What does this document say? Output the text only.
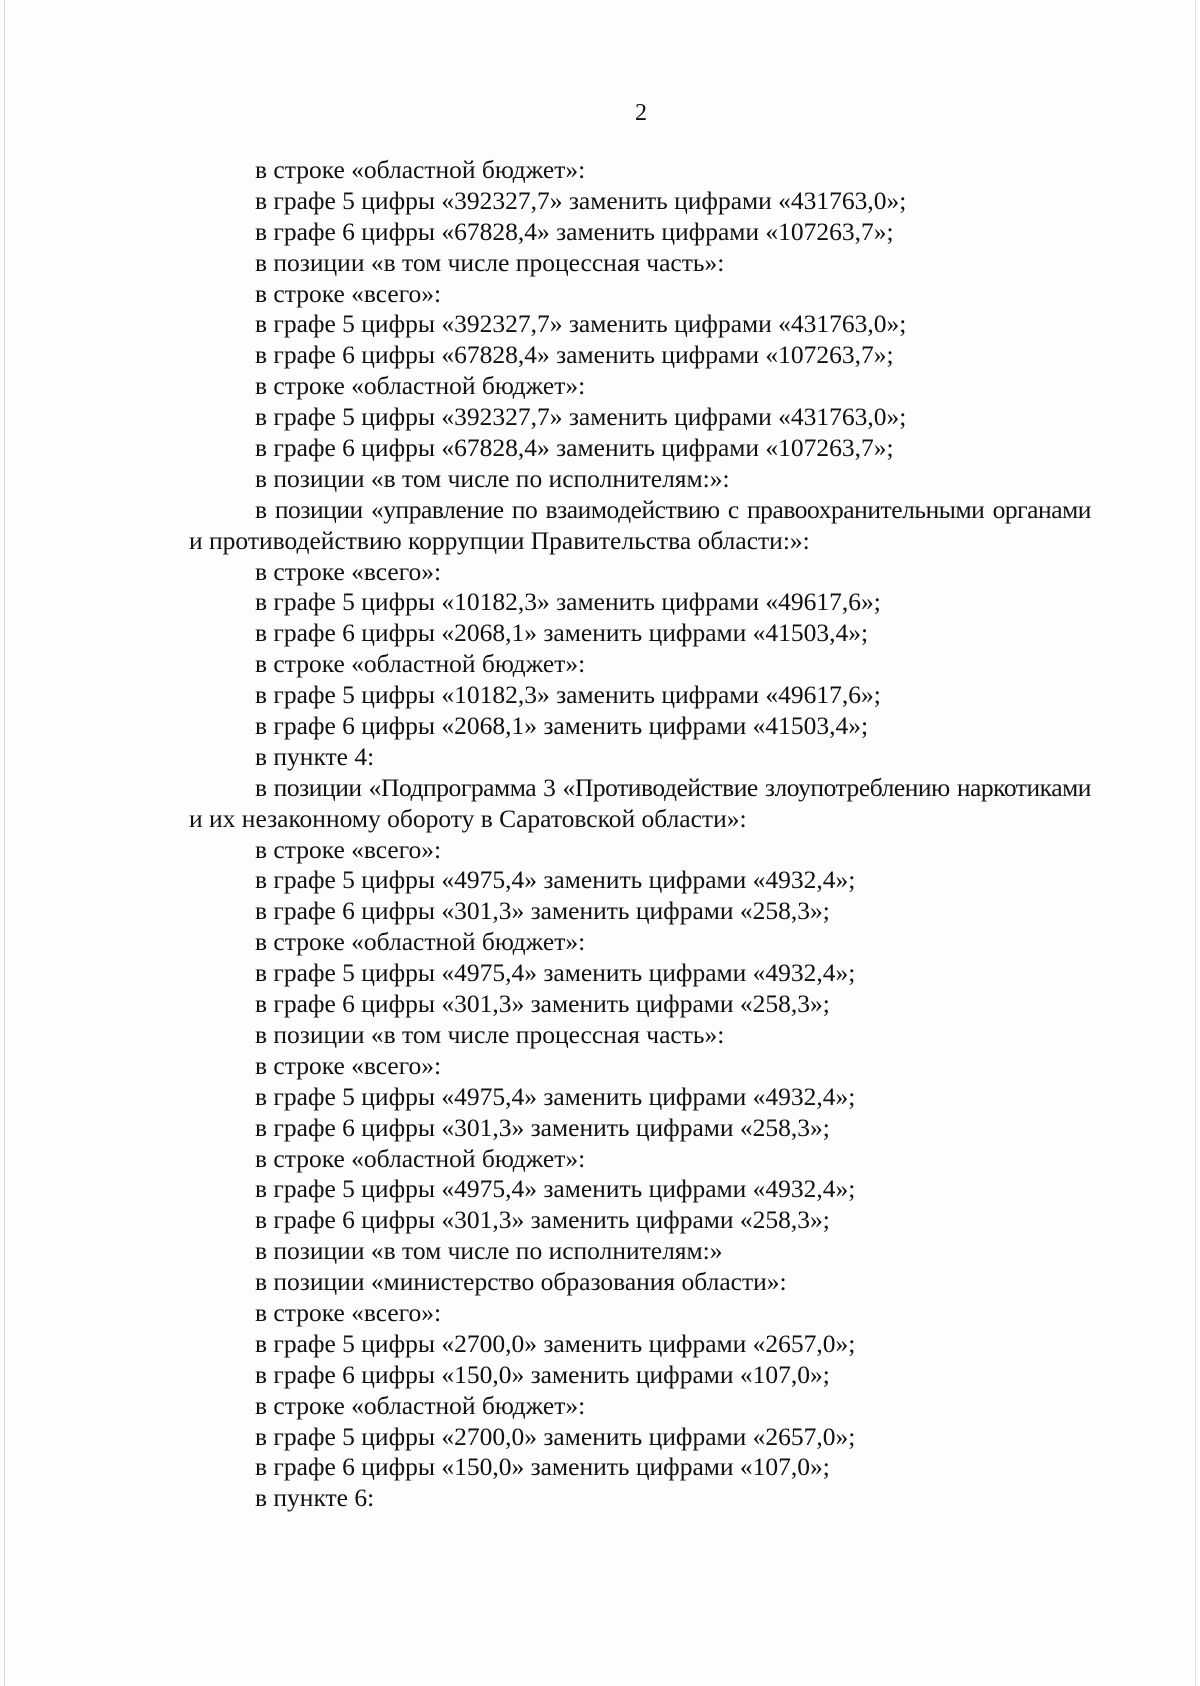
2
в строке «областной бюджет»:
в графе 5 цифры «392327,7» заменить цифрами «431763,0»;
в графе 6 цифры «67828,4» заменить цифрами «107263,7»;
в позиции «в том числе процессная часть»:
в строке «всего»:
в графе 5 цифры «392327,7» заменить цифрами «431763,0»;
в графе 6 цифры «67828,4» заменить цифрами «107263,7»;
в строке «областной бюджет»:
в графе 5 цифры «392327,7» заменить цифрами «431763,0»;
в графе 6 цифры «67828,4» заменить цифрами «107263,7»;
в позиции «в том числе по исполнителям:»:
в позиции «управление по взаимодействию с правоохранительными органами
и противодействию коррупции Правительства области:»:
в строке «всего»:
в графе 5 цифры «10182,3» заменить цифрами «49617,6»;
в графе 6 цифры «2068,1» заменить цифрами «41503,4»;
в строке «областной бюджет»:
в графе 5 цифры «10182,3» заменить цифрами «49617,6»;
в графе 6 цифры «2068,1» заменить цифрами «41503,4»;
в пункте 4:
в позиции «Подпрограмма 3 «Противодействие злоупотреблению наркотиками
и их незаконному обороту в Саратовской области»:
в строке «всего»:
в графе 5 цифры «4975,4» заменить цифрами «4932,4»;
в графе 6 цифры «301,3» заменить цифрами «258,3»;
в строке «областной бюджет»:
в графе 5 цифры «4975,4» заменить цифрами «4932,4»;
в графе 6 цифры «301,3» заменить цифрами «258,3»;
в позиции «в том числе процессная часть»:
в строке «всего»:
в графе 5 цифры «4975,4» заменить цифрами «4932,4»;
в графе 6 цифры «301,3» заменить цифрами «258,3»;
в строке «областной бюджет»:
в графе 5 цифры «4975,4» заменить цифрами «4932,4»;
в графе 6 цифры «301,3» заменить цифрами «258,3»;
в позиции «в том числе по исполнителям:»
в позиции «министерство образования области»:
в строке «всего»:
в графе 5 цифры «2700,0» заменить цифрами «2657,0»;
в графе 6 цифры «150,0» заменить цифрами «107,0»;
в строке «областной бюджет»:
в графе 5 цифры «2700,0» заменить цифрами «2657,0»;
в графе 6 цифры «150,0» заменить цифрами «107,0»;
в пункте 6:
